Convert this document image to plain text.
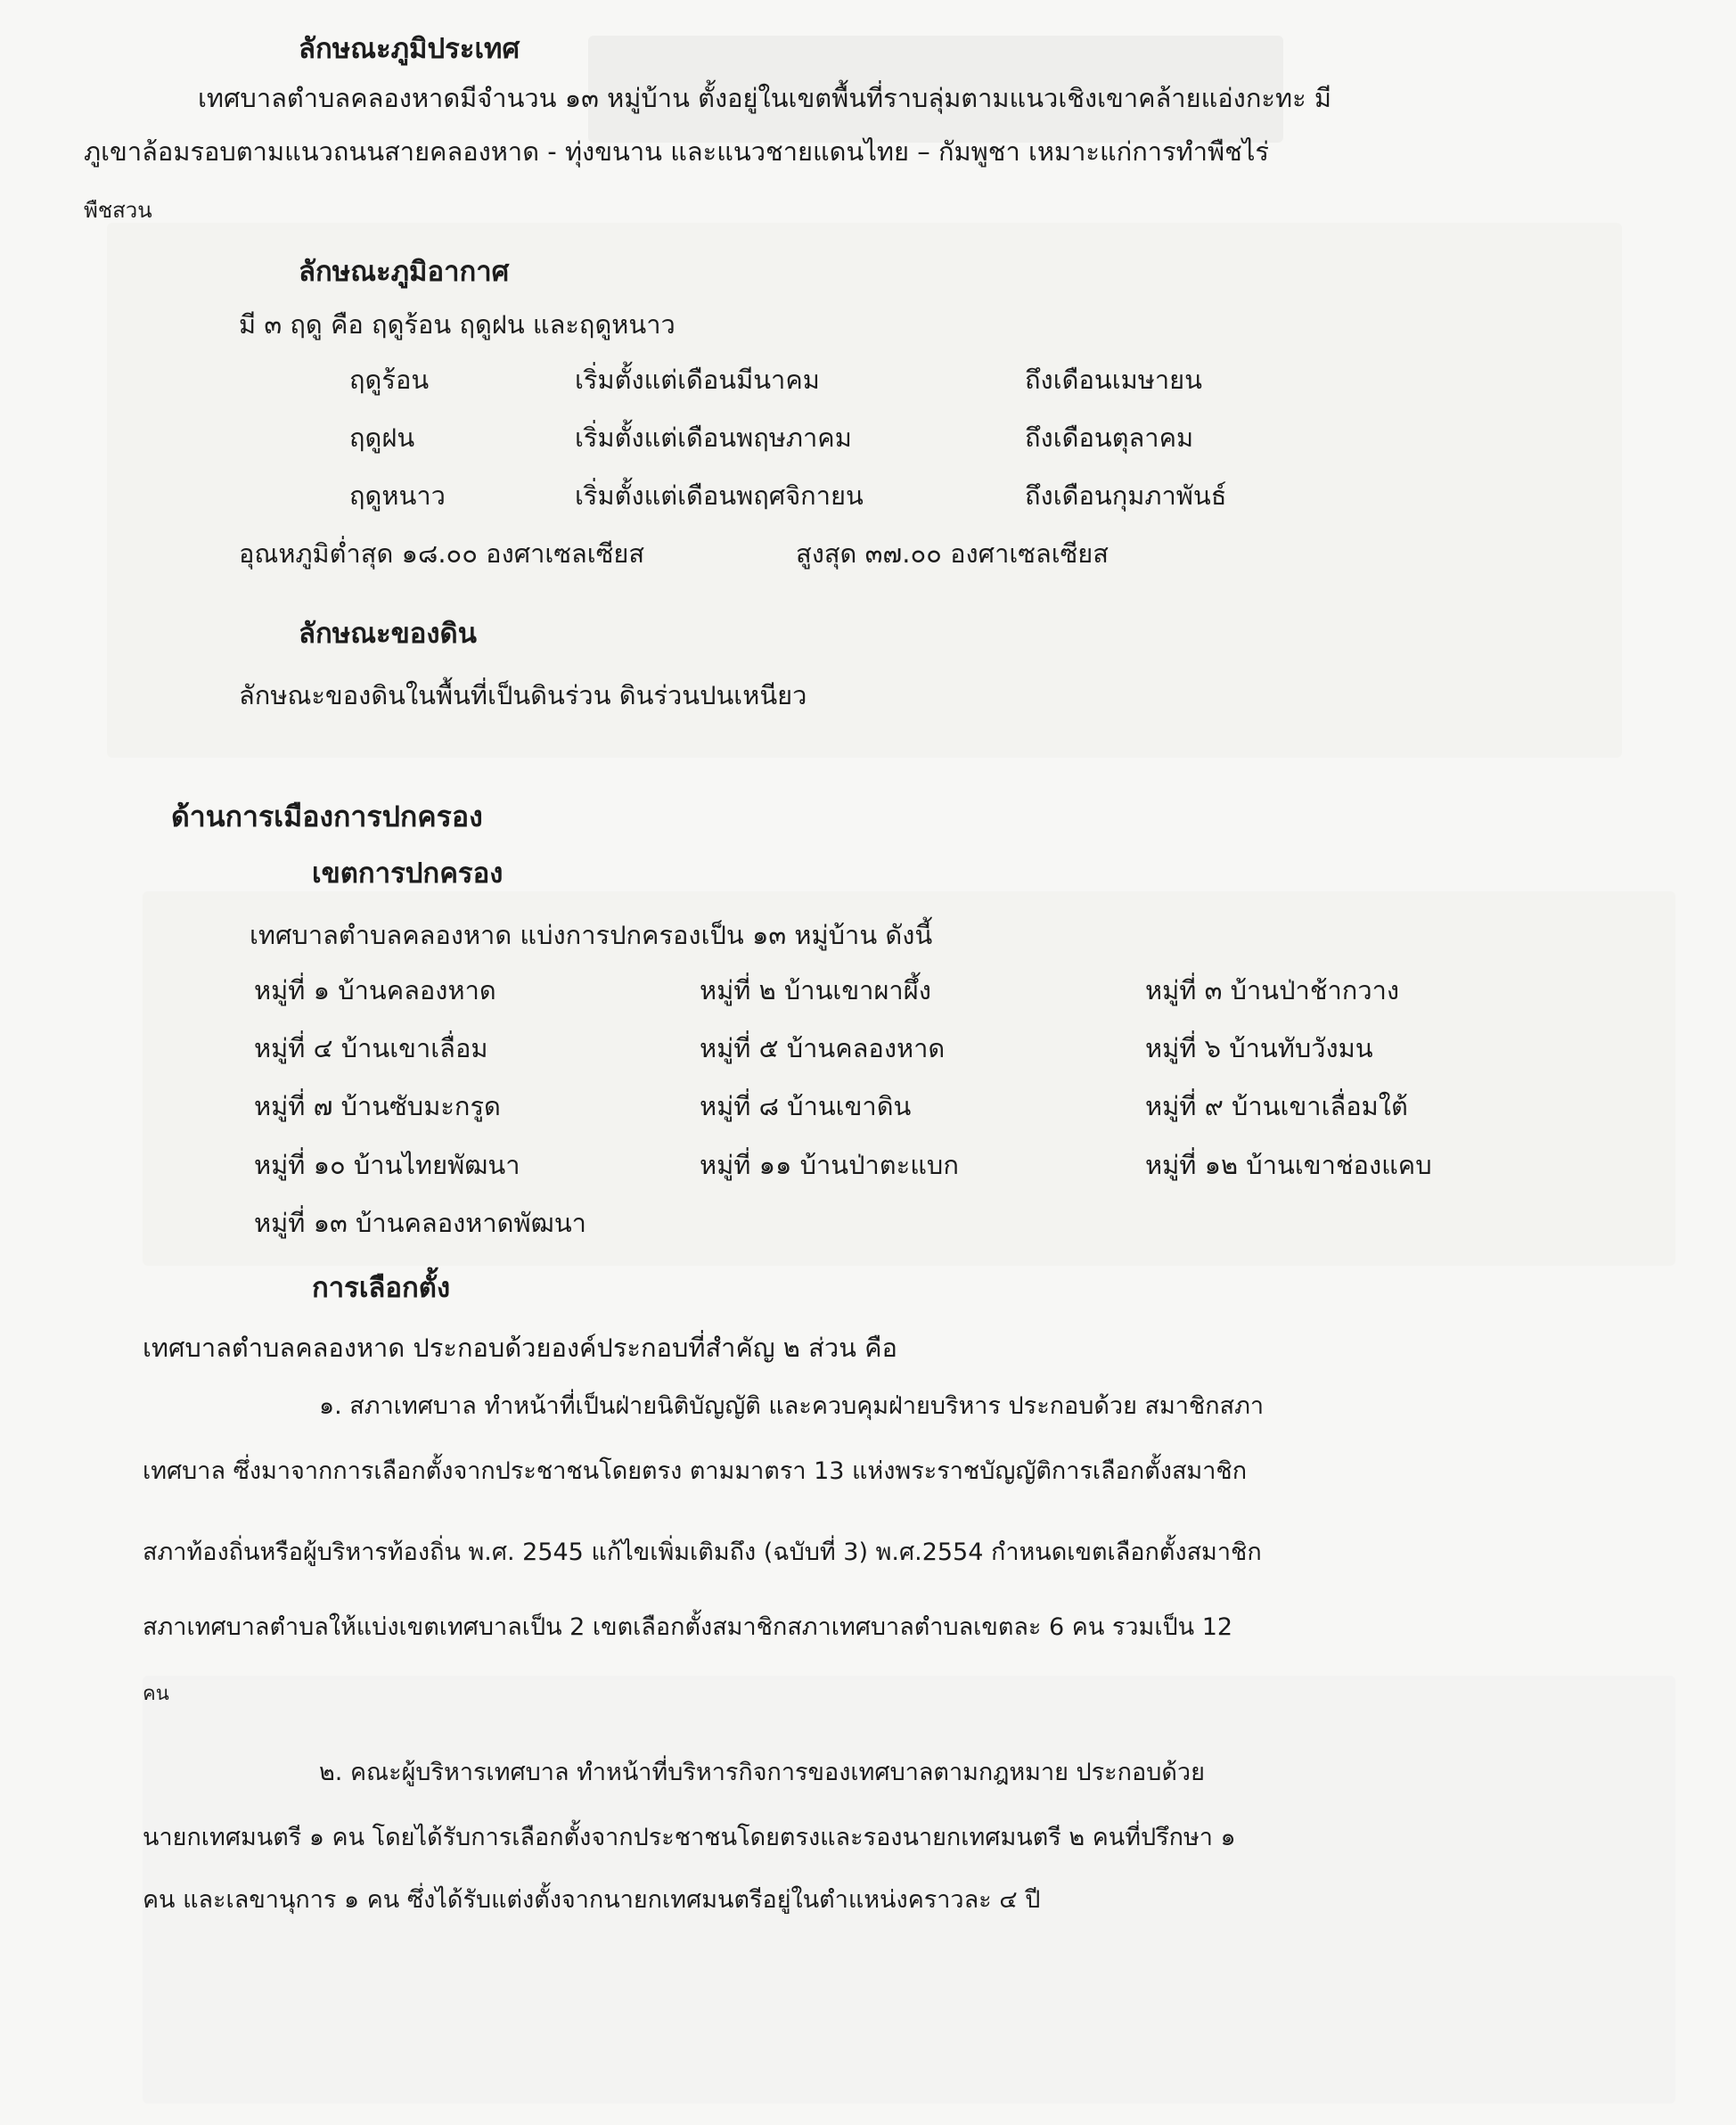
ลักษณะภูมิประเทศ
เทศบาลตำบลคลองหาดมีจำนวน ๑๓ หมู่บ้าน ตั้งอยู่ในเขตพื้นที่ราบลุ่มตามแนวเชิงเขาคล้ายแอ่งกะทะ มี
ภูเขาล้อมรอบตามแนวถนนสายคลองหาด - ทุ่งขนาน และแนวชายแดนไทย – กัมพูชา เหมาะแก่การทำพืชไร่
พืชสวน
ลักษณะภูมิอากาศ
มี ๓ ฤดู คือ ฤดูร้อน ฤดูฝน และฤดูหนาว
ฤดูร้อน	เริ่มตั้งแต่เดือนมีนาคม	ถึงเดือนเมษายน
ฤดูฝน	เริ่มตั้งแต่เดือนพฤษภาคม	ถึงเดือนตุลาคม
ฤดูหนาว	เริ่มตั้งแต่เดือนพฤศจิกายน	ถึงเดือนกุมภาพันธ์
อุณหภูมิต่ำสุด ๑๘.๐๐ องศาเซลเซียส	สูงสุด ๓๗.๐๐ องศาเซลเซียส
ลักษณะของดิน
ลักษณะของดินในพื้นที่เป็นดินร่วน ดินร่วนปนเหนียว
ด้านการเมืองการปกครอง
เขตการปกครอง
เทศบาลตำบลคลองหาด แบ่งการปกครองเป็น ๑๓ หมู่บ้าน ดังนี้
หมู่ที่ ๑ บ้านคลองหาด	หมู่ที่ ๒ บ้านเขาผาผึ้ง	หมู่ที่ ๓ บ้านป่าช้ากวาง
หมู่ที่ ๔ บ้านเขาเลื่อม	หมู่ที่ ๕ บ้านคลองหาด	หมู่ที่ ๖ บ้านทับวังมน
หมู่ที่ ๗ บ้านซับมะกรูด	หมู่ที่ ๘ บ้านเขาดิน	หมู่ที่ ๙ บ้านเขาเลื่อมใต้
หมู่ที่ ๑๐ บ้านไทยพัฒนา	หมู่ที่ ๑๑ บ้านป่าตะแบก	หมู่ที่ ๑๒ บ้านเขาช่องแคบ
หมู่ที่ ๑๓ บ้านคลองหาดพัฒนา
การเลือกตั้ง
เทศบาลตำบลคลองหาด ประกอบด้วยองค์ประกอบที่สำคัญ ๒ ส่วน คือ
๑. สภาเทศบาล ทำหน้าที่เป็นฝ่ายนิติบัญญัติ และควบคุมฝ่ายบริหาร ประกอบด้วย สมาชิกสภา
เทศบาล ซึ่งมาจากการเลือกตั้งจากประชาชนโดยตรง ตามมาตรา 13 แห่งพระราชบัญญัติการเลือกตั้งสมาชิก
สภาท้องถิ่นหรือผู้บริหารท้องถิ่น พ.ศ. 2545 แก้ไขเพิ่มเติมถึง (ฉบับที่ 3) พ.ศ.2554 กำหนดเขตเลือกตั้งสมาชิก
สภาเทศบาลตำบลให้แบ่งเขตเทศบาลเป็น 2 เขตเลือกตั้งสมาชิกสภาเทศบาลตำบลเขตละ 6 คน รวมเป็น 12
คน
๒. คณะผู้บริหารเทศบาล ทำหน้าที่บริหารกิจการของเทศบาลตามกฎหมาย ประกอบด้วย
นายกเทศมนตรี ๑ คน โดยได้รับการเลือกตั้งจากประชาชนโดยตรงและรองนายกเทศมนตรี ๒ คนที่ปรึกษา ๑
คน และเลขานุการ ๑ คน ซึ่งได้รับแต่งตั้งจากนายกเทศมนตรีอยู่ในตำแหน่งคราวละ ๔ ปี
